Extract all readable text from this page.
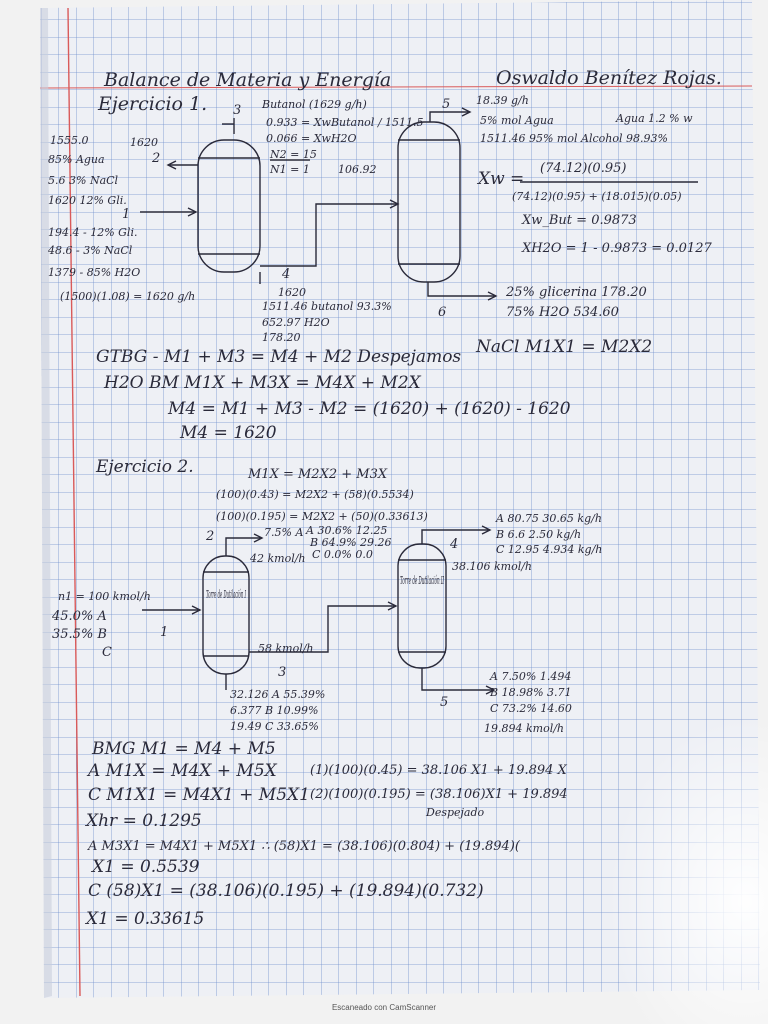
Balance de Materia y Energía	Oswaldo Benítez Rojas.
Ejercicio 1. 3 Butanol (1629 g/h)
0.933 = XwButanol / 1511.5
0.066 = XwH2O
N2 = 15
N1 = 1	106.92
5 18.39 g/h
5% mol Agua	Agua 1.2 % w
1511.46 95% mol Alcohol 98.93%
1555.0	1620
85% Agua	2
5.6 3% NaCl
1620 12% Gli.
1
194.4 - 12% Gli.
48.6 - 3% NaCl
1379 - 85% H2O
(1500)(1.08) = 1620 g/h
4
1620
1511.46 butanol 93.3%
652.97 H2O
178.20
6
25% glicerina 178.20
75% H2O 534.60
Xw =
(74.12)(0.95)
(74.12)(0.95) + (18.015)(0.05)
Xw_But = 0.9873
XH2O = 1 - 0.9873 = 0.0127
GTBG - M1 + M3 = M4 + M2 Despejamos NaCl M1X1 = M2X2
H2O BM M1X + M3X = M4X + M2X
M4 = M1 + M3 - M2 = (1620) + (1620) - 1620
M4 = 1620
Ejercicio 2.	M1X = M2X2 + M3X
(100)(0.43) = M2X2 + (58)(0.5534)
(100)(0.195) = M2X2 + (50)(0.33613)
2	7.5% A A 30.6% 12.25
B 64.9% 29.26
C 0.0% 0.0
42 kmol/h
4
A 80.75 30.65 kg/h
B 6.6 2.50 kg/h
C 12.95 4.934 kg/h
38.106 kmol/h
Torre de Dutilación I
Torre de Dutilación II
n1 = 100 kmol/h
45.0% A
35.5% B
C
1
58 kmol/h
3
32.126 A 55.39%
6.377 B 10.99%
19.49 C 33.65%
5
A 7.50% 1.494
B 18.98% 3.71
C 73.2% 14.60
19.894 kmol/h
BMG M1 = M4 + M5
A M1X = M4X + M5X	(1)(100)(0.45) = 38.106 X1 + 19.894 X
C M1X1 = M4X1 + M5X1 (2)(100)(0.195) = (38.106)X1 + 19.894
Despejado
Xhr = 0.1295
A M3X1 = M4X1 + M5X1 ∴ (58)X1 = (38.106)(0.804) + (19.894)(
X1 = 0.5539
C (58)X1 = (38.106)(0.195) + (19.894)(0.732)
X1 = 0.33615
Escaneado con CamScanner
